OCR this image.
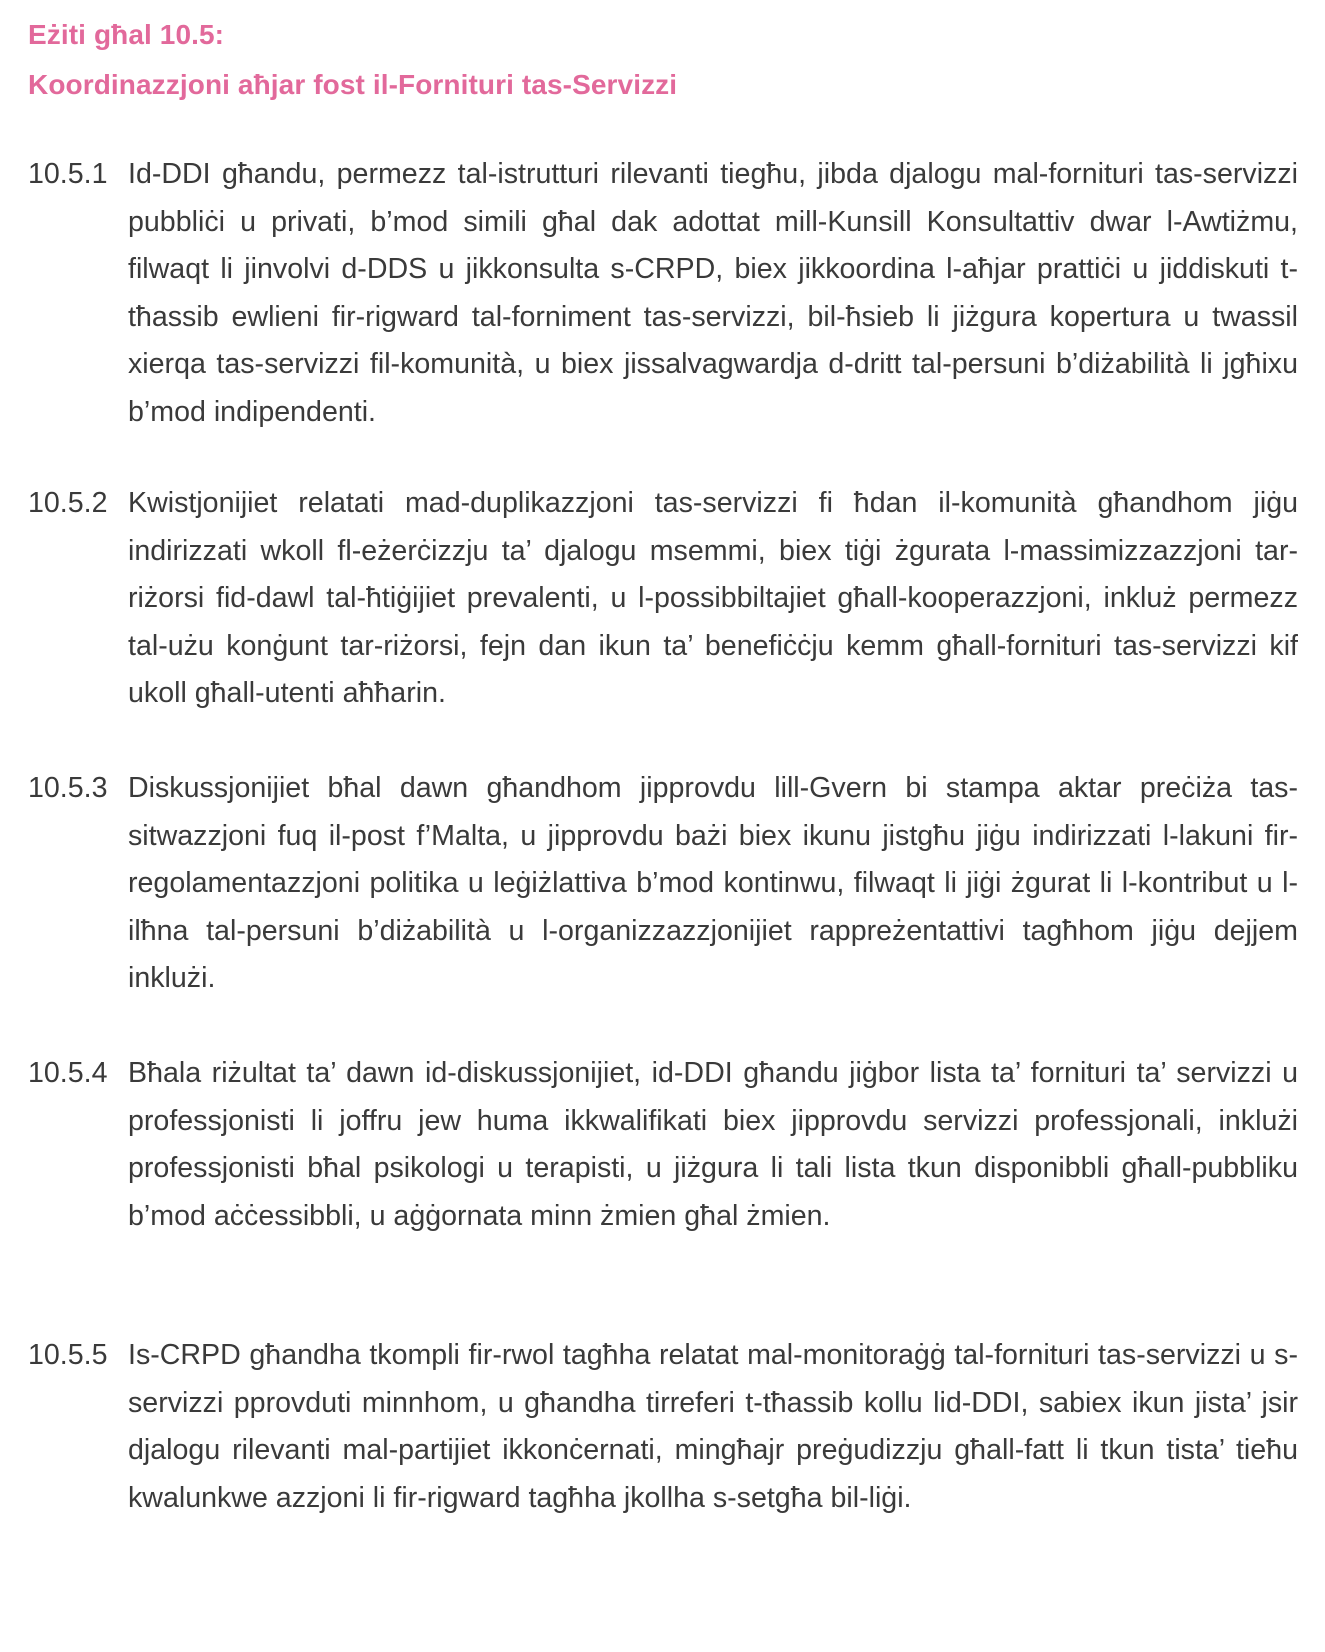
Eżiti għal 10.5:
Koordinazzjoni aħjar fost il-Fornituri tas-Servizzi
10.5.1 Id-DDI għandu, permezz tal-istrutturi rilevanti tiegħu, jibda djalogu mal-fornituri tas-servizzi pubbliċi u privati, b’mod simili għal dak adottat mill-Kunsill Konsultattiv dwar l-Awtiżmu, filwaqt li jinvolvi d-DDS u jikkonsulta s-CRPD, biex jikkoordina l-aħjar prattiċi u jiddiskuti t-tħassib ewlieni fir-rigward tal-forniment tas-servizzi, bil-ħsieb li jiżgura kopertura u twassil xierqa tas-servizzi fil-komunità, u biex jissalvagwardja d-dritt tal-persuni b’diżabilità li jgħixu b’mod indipendenti.
10.5.2 Kwistjonijiet relatati mad-duplikazzjoni tas-servizzi fi ħdan il-komunità għandhom jiġu indirizzati wkoll fl-eżerċizzju ta’ djalogu msemmi, biex tiġi żgurata l-massimizzazzjoni tar-riżorsi fid-dawl tal-ħtiġijiet prevalenti, u l-possibbiltajiet għall-kooperazzjoni, inkluż permezz tal-użu konġunt tar-riżorsi, fejn dan ikun ta’ benefiċċju kemm għall-fornituri tas-servizzi kif ukoll għall-utenti aħħarin.
10.5.3 Diskussjonijiet bħal dawn għandhom jipprovdu lill-Gvern bi stampa aktar preċiża tas-sitwazzjoni fuq il-post f’Malta, u jipprovdu bażi biex ikunu jistgħu jiġu indirizzati l-lakuni fir-regolamentazzjoni politika u leġiżlattiva b’mod kontinwu, filwaqt li jiġi żgurat li l-kontribut u l-ilħna tal-persuni b’diżabilità u l-organizzazzjonijiet rappreżentattivi tagħhom jiġu dejjem inklużi.
10.5.4 Bħala riżultat ta’ dawn id-diskussjonijiet, id-DDI għandu jiġbor lista ta’ fornituri ta’ servizzi u professjonisti li joffru jew huma ikkwalifikati biex jipprovdu servizzi professjonali, inklużi professjonisti bħal psikologi u terapisti, u jiżgura li tali lista tkun disponibbli għall-pubbliku b’mod aċċessibbli, u aġġornata minn żmien għal żmien.
10.5.5 Is-CRPD għandha tkompli fir-rwol tagħha relatat mal-monitoraġġ tal-fornituri tas-servizzi u s-servizzi pprovduti minnhom, u għandha tirreferi t-tħassib kollu lid-DDI, sabiex ikun jista’ jsir djalogu rilevanti mal-partijiet ikkonċernati, mingħajr preġudizzju għall-fatt li tkun tista’ tieħu kwalunkwe azzjoni li fir-rigward tagħha jkollha s-setgħa bil-liġi.
